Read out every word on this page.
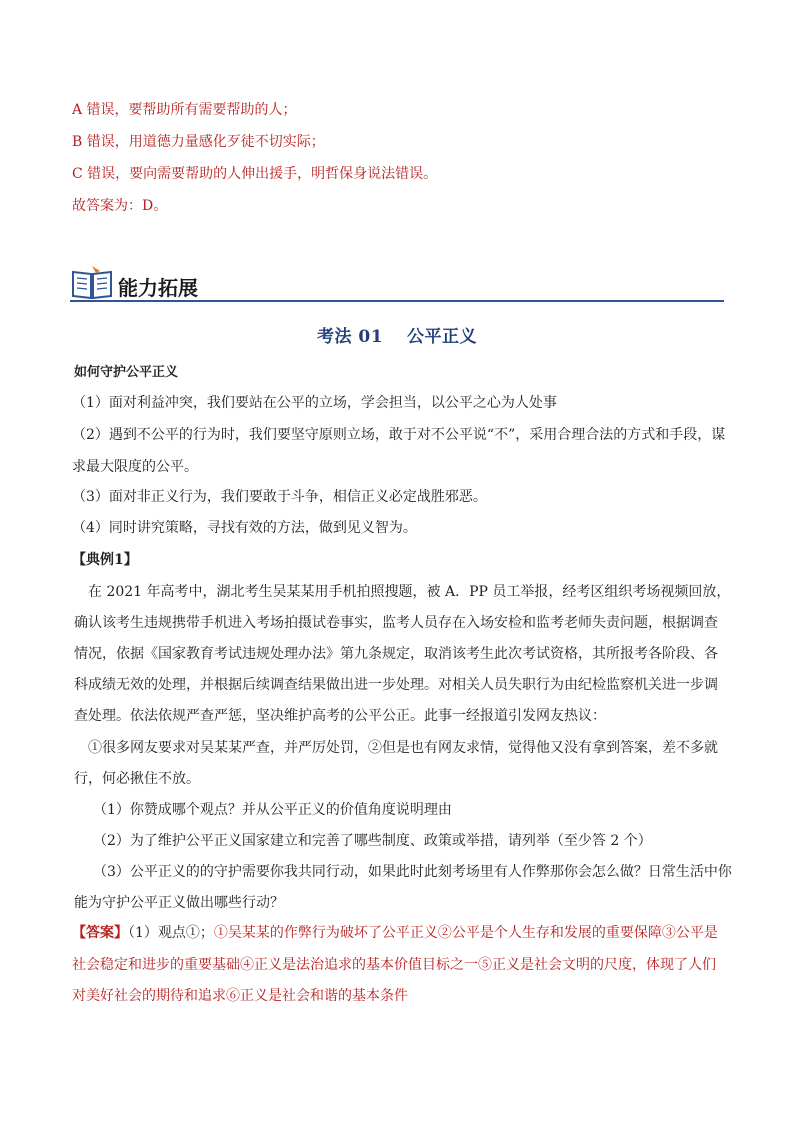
A 错误，要帮助所有需要帮助的人；
B 错误，用道德力量感化歹徒不切实际；
C 错误，要向需要帮助的人伸出援手，明哲保身说法错误。
故答案为：D。
能力拓展
考法 01　 公平正义
如何守护公平正义
（1）面对利益冲突，我们要站在公平的立场，学会担当，以公平之心为人处事
（2）遇到不公平的行为时，我们要坚守原则立场，敢于对不公平说“不”，采用合理合法的方式和手段，谋
求最大限度的公平。
（3）面对非正义行为，我们要敢于斗争，相信正义必定战胜邪恶。
（4）同时讲究策略，寻找有效的方法，做到见义智为。
【典例1】
　在 2021 年高考中，湖北考生吴某某用手机拍照搜题，被 A．PP 员工举报，经考区组织考场视频回放，
确认该考生违规携带手机进入考场拍摄试卷事实，监考人员存在入场安检和监考老师失责问题，根据调查
情况，依据《国家教育考试违规处理办法》第九条规定，取消该考生此次考试资格，其所报考各阶段、各
科成绩无效的处理，并根据后续调查结果做出进一步处理。对相关人员失职行为由纪检监察机关进一步调
查处理。依法依规严查严惩，坚决维护高考的公平公正。此事一经报道引发网友热议：
①很多网友要求对吴某某严查，并严厉处罚，②但是也有网友求情，觉得他又没有拿到答案，差不多就
行，何必揪住不放。
（1）你赞成哪个观点？并从公平正义的价值角度说明理由
（2）为了维护公平正义国家建立和完善了哪些制度、政策或举措，请列举（至少答 2 个）
（3）公平正义的的守护需要你我共同行动，如果此时此刻考场里有人作弊那你会怎么做？日常生活中你
能为守护公平正义做出哪些行动？
【答案】（1）观点①；①吴某某的作弊行为破坏了公平正义②公平是个人生存和发展的重要保障③公平是
社会稳定和进步的重要基础④正义是法治追求的基本价值目标之一⑤正义是社会文明的尺度，体现了人们
对美好社会的期待和追求⑥正义是社会和谐的基本条件
